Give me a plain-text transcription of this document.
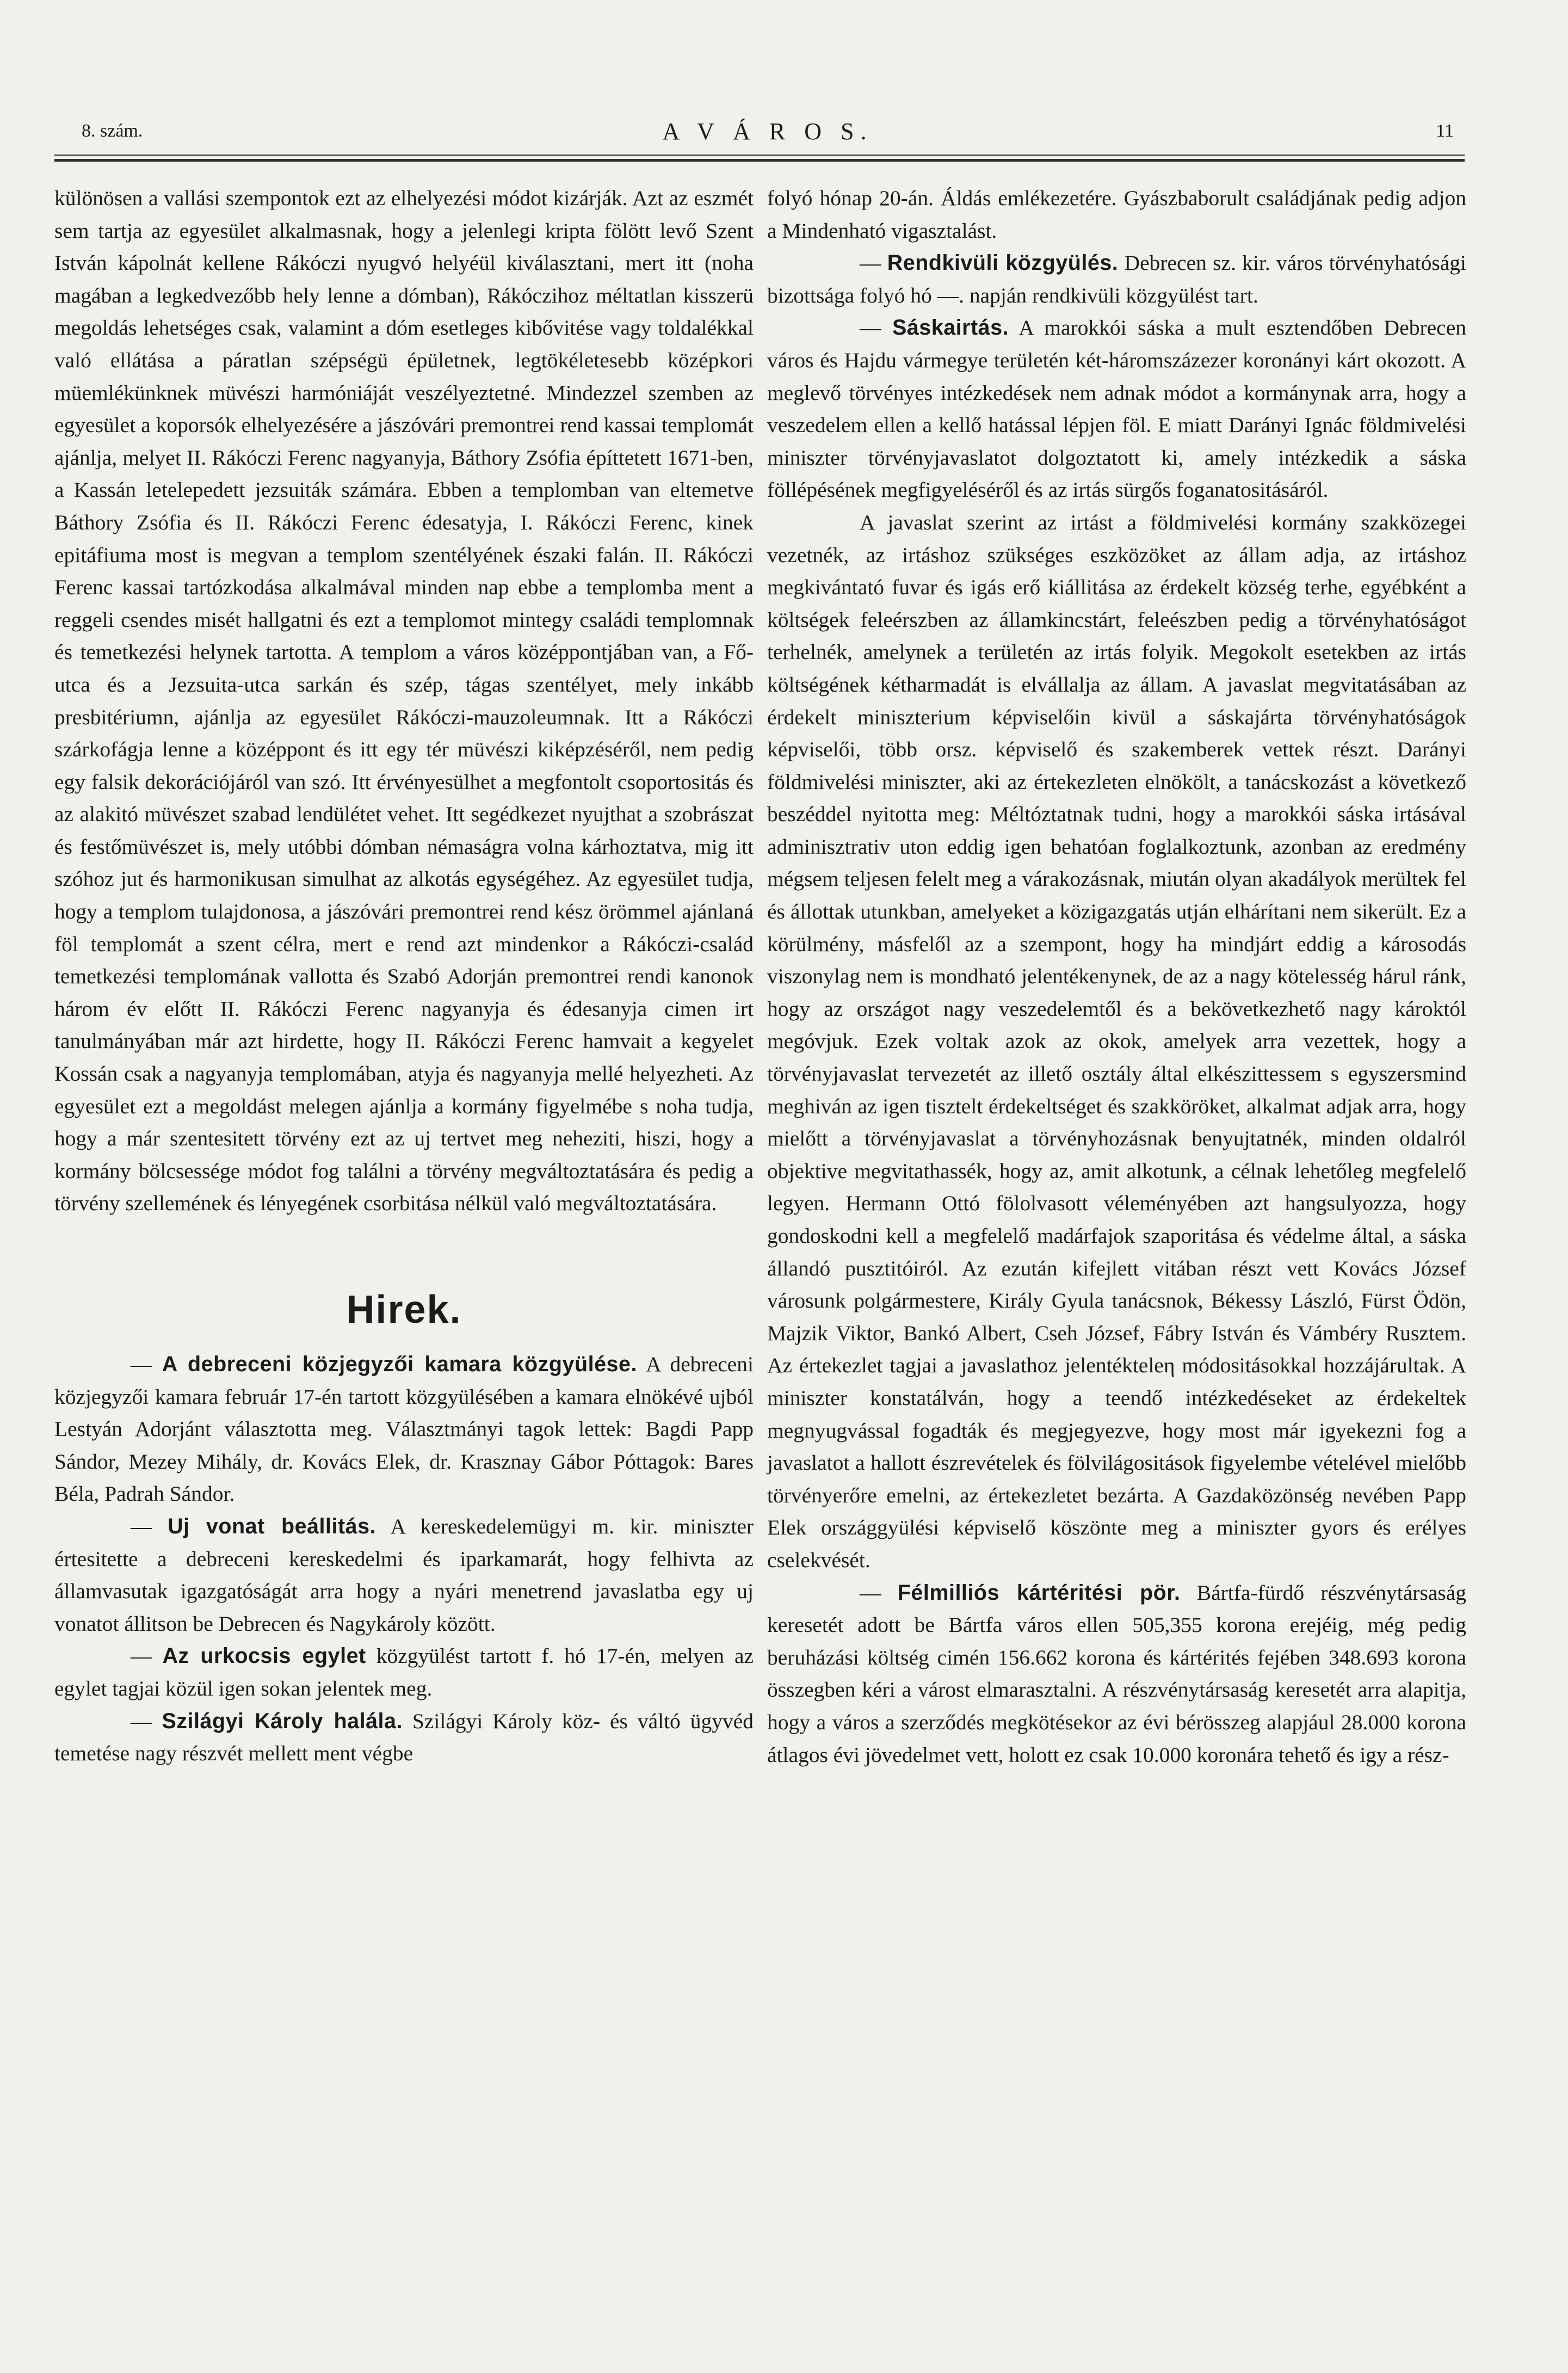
8. szám.	A V Á R O S.	11

különösen a vallási szempontok ezt az elhelyezési módot kizárják. Azt az eszmét sem tartja az egyesület alkalmasnak, hogy a jelenlegi kripta fölött levő Szent István kápolnát kellene Rákóczi nyugvó helyéül kiválasztani, mert itt (noha magában a legkedvezőbb hely lenne a dómban), Rákóczihoz méltatlan kisszerü megoldás lehetséges csak, valamint a dóm esetleges kibővitése vagy toldalékkal való ellátása a páratlan szépségü épületnek, legtökéletesebb középkori müemlékünknek müvészi harmóniáját veszélyeztetné. Mindezzel szemben az egyesület a koporsók elhelyezésére a jászóvári premontrei rend kassai templomát ajánlja, melyet II. Rákóczi Ferenc nagyanyja, Báthory Zsófia építtetett 1671-ben, a Kassán letelepedett jezsuiták számára. Ebben a templomban van eltemetve Báthory Zsófia és II. Rákóczi Ferenc édesatyja, I. Rákóczi Ferenc, kinek epitáfiuma most is megvan a templom szentélyének északi falán. II. Rákóczi Ferenc kassai tartózkodása alkalmával minden nap ebbe a templomba ment a reggeli csendes misét hallgatni és ezt a templomot mintegy családi templomnak és temetkezési helynek tartotta. A templom a város középpontjában van, a Fő-utca és a Jezsuita-utca sarkán és szép, tágas szentélyet, mely inkább presbitériumn, ajánlja az egyesület Rákóczi-mauzoleumnak. Itt a Rákóczi szárkofágja lenne a középpont és itt egy tér müvészi kiképzéséről, nem pedig egy falsik dekorációjáról van szó. Itt érvényesülhet a megfontolt csoportositás és az alakitó müvészet szabad lendülétet vehet. Itt segédkezet nyujthat a szobrászat és festőmüvészet is, mely utóbbi dómban némaságra volna kárhoztatva, mig itt szóhoz jut és harmonikusan simulhat az alkotás egységéhez. Az egyesület tudja, hogy a templom tulajdonosa, a jászóvári premontrei rend kész örömmel ajánlaná föl templomát a szent célra, mert e rend azt mindenkor a Rákóczi-család temetkezési templomának vallotta és Szabó Adorján premontrei rendi kanonok három év előtt II. Rákóczi Ferenc nagyanyja és édesanyja cimen irt tanulmányában már azt hirdette, hogy II. Rákóczi Ferenc hamvait a kegyelet Kossán csak a nagyanyja templomában, atyja és nagyanyja mellé helyezheti. Az egyesület ezt a megoldást melegen ajánlja a kormány figyelmébe s noha tudja, hogy a már szentesitett törvény ezt az uj tertvet meg neheziti, hiszi, hogy a kormány bölcsessége módot fog találni a törvény megváltoztatására és pedig a törvény szellemének és lényegének csorbitása nélkül való megváltoztatására.

Hirek.

— A debreceni közjegyzői kamara közgyülése. A debreceni közjegyzői kamara február 17-én tartott közgyülésében a kamara elnökévé ujból Lestyán Adorjánt választotta meg. Választmányi tagok lettek: Bagdi Papp Sándor, Mezey Mihály, dr. Kovács Elek, dr. Krasznay Gábor Póttagok: Bares Béla, Padrah Sándor.

— Uj vonat beállitás. A kereskedelemügyi m. kir. miniszter értesitette a debreceni kereskedelmi és iparkamarát, hogy felhivta az államvasutak igazgatóságát arra hogy a nyári menetrend javaslatba egy uj vonatot állitson be Debrecen és Nagykároly között.

— Az urkocsis egylet közgyülést tartott f. hó 17-én, melyen az egylet tagjai közül igen sokan jelentek meg.

— Szilágyi Károly halála. Szilágyi Károly köz- és váltó ügyvéd temetése nagy részvét mellett ment végbe

folyó hónap 20-án. Áldás emlékezetére. Gyászbaborult családjának pedig adjon a Mindenható vigasztalást.

— Rendkivüli közgyülés. Debrecen sz. kir. város törvényhatósági bizottsága folyó hó —. napján rendkivüli közgyülést tart.

— Sáskairtás. A marokkói sáska a mult esztendőben Debrecen város és Hajdu vármegye területén két-háromszázezer koronányi kárt okozott. A meglevő törvényes intézkedések nem adnak módot a kormánynak arra, hogy a veszedelem ellen a kellő hatással lépjen föl. E miatt Darányi Ignác földmivelési miniszter törvényjavaslatot dolgoztatott ki, amely intézkedik a sáska föllépésének megfigyeléséről és az irtás sürgős foganatositásáról.

A javaslat szerint az irtást a földmivelési kormány szakközegei vezetnék, az irtáshoz szükséges eszközöket az állam adja, az irtáshoz megkivántató fuvar és igás erő kiállitása az érdekelt község terhe, egyébként a költségek feleérszben az államkincstárt, feleészben pedig a törvényhatóságot terhelnék, amelynek a területén az irtás folyik. Megokolt esetekben az irtás költségének kétharmadát is elvállalja az állam. A javaslat megvitatásában az érdekelt miniszterium képviselőin kivül a sáskajárta törvényhatóságok képviselői, több orsz. képviselő és szakemberek vettek részt. Darányi földmivelési miniszter, aki az értekezleten elnökölt, a tanácskozást a következő beszéddel nyitotta meg: Méltóztatnak tudni, hogy a marokkói sáska irtásával adminisztrativ uton eddig igen behatóan foglalkoztunk, azonban az eredmény mégsem teljesen felelt meg a várakozásnak, miután olyan akadályok merültek fel és állottak utunkban, amelyeket a közigazgatás utján elhárítani nem sikerült. Ez a körülmény, másfelől az a szempont, hogy ha mindjárt eddig a károsodás viszonylag nem is mondható jelentékenynek, de az a nagy kötelesség hárul ránk, hogy az országot nagy veszedelemtől és a bekövetkezhető nagy károktól megóvjuk. Ezek voltak azok az okok, amelyek arra vezettek, hogy a törvényjavaslat tervezetét az illető osztály által elkészittessem s egyszersmind meghiván az igen tisztelt érdekeltséget és szakköröket, alkalmat adjak arra, hogy mielőtt a törvényjavaslat a törvényhozásnak benyujtatnék, minden oldalról objektive megvitathassék, hogy az, amit alkotunk, a célnak lehetőleg megfelelő legyen. Hermann Ottó fölolvasott véleményében azt hangsulyozza, hogy gondoskodni kell a megfelelő madárfajok szaporitása és védelme által, a sáska állandó pusztitóiról. Az ezután kifejlett vitában részt vett Kovács József városunk polgármestere, Király Gyula tanácsnok, Békessy László, Fürst Ödön, Majzik Viktor, Bankó Albert, Cseh József, Fábry István és Vámbéry Rusztem. Az értekezlet tagjai a javaslathoz jelentékteleη módositásokkal hozzájárultak. A miniszter konstatálván, hogy a teendő intézkedéseket az érdekeltek megnyugvással fogadták és megjegyezve, hogy most már igyekezni fog a javaslatot a hallott észrevételek és fölvilágositások figyelembe vételével mielőbb törvényerőre emelni, az értekezletet bezárta. A Gazdaközönség nevében Papp Elek országgyülési képviselő köszönte meg a miniszter gyors és erélyes cselekvését.

— Félmilliós kártéritési pör. Bártfa-fürdő részvénytársaság keresetét adott be Bártfa város ellen 505,355 korona erejéig, még pedig beruházási költség cimén 156.662 korona és kártérités fejében 348.693 korona összegben kéri a várost elmarasztalni. A részvénytársaság keresetét arra alapitja, hogy a város a szerződés megkötésekor az évi bérösszeg alapjául 28.000 korona átlagos évi jövedelmet vett, holott ez csak 10.000 koronára tehető és igy a rész-
